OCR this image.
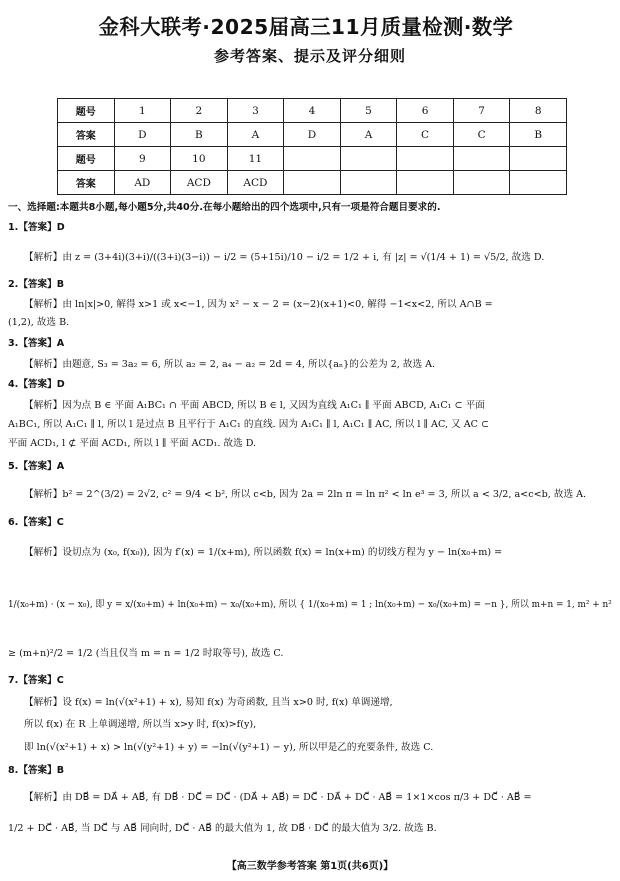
金科大联考·2025届高三11月质量检测·数学
参考答案、提示及评分细则
题号	1	2	3	4	5	6	7	8
答案	D	B	A	D	A	C	C	B
题号	9	10	11					
答案	AD	ACD	ACD					
一、选择题:本题共8小题,每小题5分,共40分.在每小题给出的四个选项中,只有一项是符合题目要求的.
1.【答案】D
【解析】由 z = (3+4i)(3+i)/((3+i)(3−i)) − i/2 = (5+15i)/10 − i/2 = 1/2 + i, 有 |z| = √(1/4 + 1) = √5/2, 故选 D.
2.【答案】B
【解析】由 ln|x|>0, 解得 x>1 或 x<−1, 因为 x² − x − 2 = (x−2)(x+1)<0, 解得 −1<x<2, 所以 A∩B =
(1,2), 故选 B.
3.【答案】A
【解析】由题意, S₃ = 3a₂ = 6, 所以 a₂ = 2, a₄ − a₂ = 2d = 4, 所以{aₙ}的公差为 2, 故选 A.
4.【答案】D
【解析】因为点 B ∈ 平面 A₁BC₁ ∩ 平面 ABCD, 所以 B ∈ l, 又因为直线 A₁C₁ ∥ 平面 ABCD, A₁C₁ ⊂ 平面
A₁BC₁, 所以 A₁C₁ ∥ l, 所以 l 是过点 B 且平行于 A₁C₁ 的直线. 因为 A₁C₁ ∥ l, A₁C₁ ∥ AC, 所以 l ∥ AC, 又 AC ⊂
平面 ACD₁, l ⊄ 平面 ACD₁, 所以 l ∥ 平面 ACD₁. 故选 D.
5.【答案】A
【解析】b² = 2^(3/2) = 2√2, c² = 9/4 < b², 所以 c<b, 因为 2a = 2ln π = ln π² < ln e³ = 3, 所以 a < 3/2, a<c<b, 故选 A.
6.【答案】C
【解析】设切点为 (x₀, f(x₀)), 因为 f′(x) = 1/(x+m), 所以函数 f(x) = ln(x+m) 的切线方程为 y − ln(x₀+m) =
1/(x₀+m) · (x − x₀), 即 y = x/(x₀+m) + ln(x₀+m) − x₀/(x₀+m), 所以 { 1/(x₀+m) = 1 ; ln(x₀+m) − x₀/(x₀+m) = −n }, 所以 m+n = 1, m² + n²
≥ (m+n)²/2 = 1/2 (当且仅当 m = n = 1/2 时取等号), 故选 C.
7.【答案】C
【解析】设 f(x) = ln(√(x²+1) + x), 易知 f(x) 为奇函数, 且当 x>0 时, f(x) 单调递增,
所以 f(x) 在 R 上单调递增, 所以当 x>y 时, f(x)>f(y),
即 ln(√(x²+1) + x) > ln(√(y²+1) + y) = −ln(√(y²+1) − y), 所以甲是乙的充要条件, 故选 C.
8.【答案】B
【解析】由 DB⃗ = DA⃗ + AB⃗, 有 DB⃗ · DC⃗ = DC⃗ · (DA⃗ + AB⃗) = DC⃗ · DA⃗ + DC⃗ · AB⃗ = 1×1×cos π/3 + DC⃗ · AB⃗ =
1/2 + DC⃗ · AB⃗, 当 DC⃗ 与 AB⃗ 同向时, DC⃗ · AB⃗ 的最大值为 1, 故 DB⃗ · DC⃗ 的最大值为 3/2. 故选 B.
【高三数学参考答案 第1页(共6页)】
